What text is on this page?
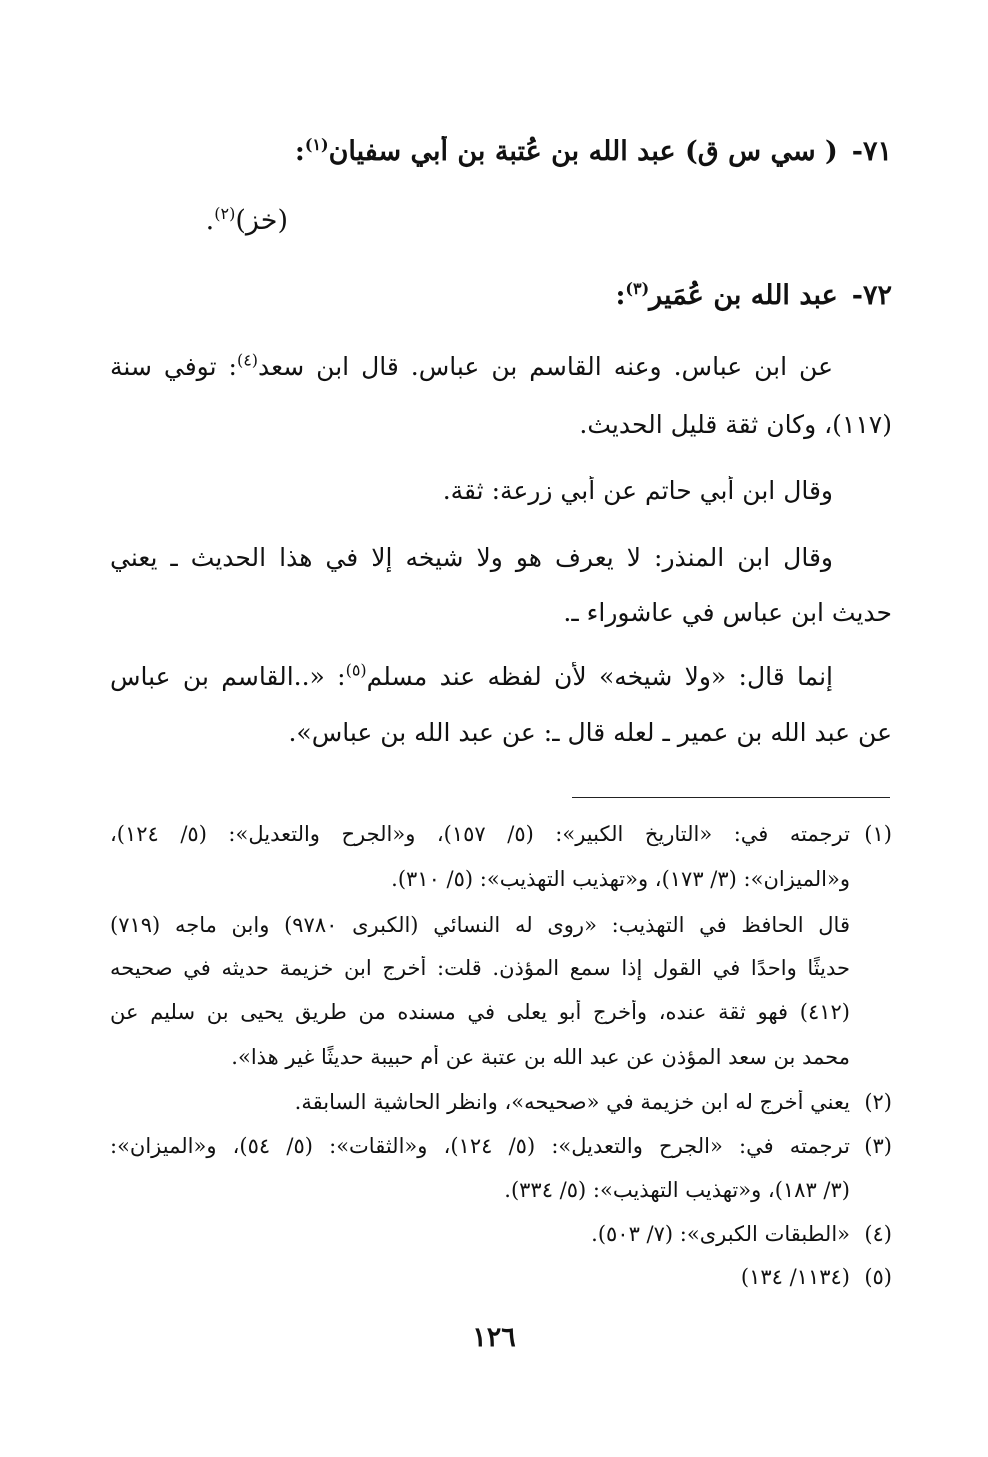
٧١-( سي س ق) عبد الله بن عُتبة بن أبي سفيان$^{(١)}$:
(خز)$^{(٢)}$.
٧٢-عبد الله بن عُمَير$^{(٣)}$:
عن ابن عباس. وعنه القاسم بن عباس. قال ابن سعد$^{(٤)}$: توفي سنة
(١١٧)، وكان ثقة قليل الحديث.
وقال ابن أبي حاتم عن أبي زرعة: ثقة.
وقال ابن المنذر: لا يعرف هو ولا شيخه إلا في هذا الحديث ـ يعني
حديث ابن عباس في عاشوراء ـ.
إنما قال: «ولا شيخه» لأن لفظه عند مسلم$^{(٥)}$: «..القاسم بن عباس
عن عبد الله بن عمير ـ لعله قال ـ: عن عبد الله بن عباس».
(١)ترجمته في: «التاريخ الكبير»: (٥/ ١٥٧)، و«الجرح والتعديل»: (٥/ ١٢٤)،
و«الميزان»: (٣/ ١٧٣)، و«تهذيب التهذيب»: (٥/ ٣١٠).
قال الحافظ في التهذيب: «روى له النسائي (الكبرى ٩٧٨٠) وابن ماجه (٧١٩)
حديثًا واحدًا في القول إذا سمع المؤذن. قلت: أخرج ابن خزيمة حديثه في صحيحه
(٤١٢) فهو ثقة عنده، وأخرج أبو يعلى في مسنده من طريق يحيى بن سليم عن
محمد بن سعد المؤذن عن عبد الله بن عتبة عن أم حبيبة حديثًا غير هذا».
(٢)يعني أخرج له ابن خزيمة في «صحيحه»، وانظر الحاشية السابقة.
(٣)ترجمته في: «الجرح والتعديل»: (٥/ ١٢٤)، و«الثقات»: (٥/ ٥٤)، و«الميزان»:
(٣/ ١٨٣)، و«تهذيب التهذيب»: (٥/ ٣٣٤).
(٤)«الطبقات الكبرى»: (٧/ ٥٠٣).
(٥)(١١٣٤/ ١٣٤)
١٢٦
